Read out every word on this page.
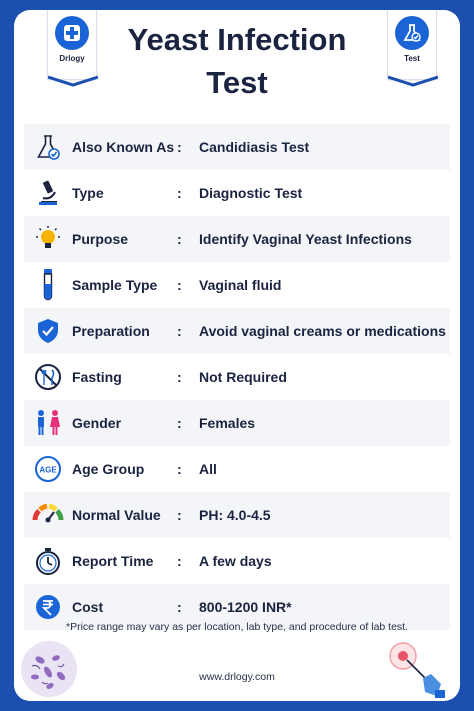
Drlogy	Test
Yeast Infection Test
Also Known As :	Candidiasis Test
Type	:	Diagnostic Test
Purpose	:	Identify Vaginal Yeast Infections
Sample Type	:	Vaginal fluid
Preparation	:	Avoid vaginal creams or medications
Fasting	:	Not Required
Gender	:	Females
AGE Age Group	:	All
Normal Value	:	PH: 4.0-4.5
Report Time	:	A few days
Cost	:	800-1200 INR*
*Price range may vary as per location, lab type, and procedure of lab test.
www.drlogy.com
